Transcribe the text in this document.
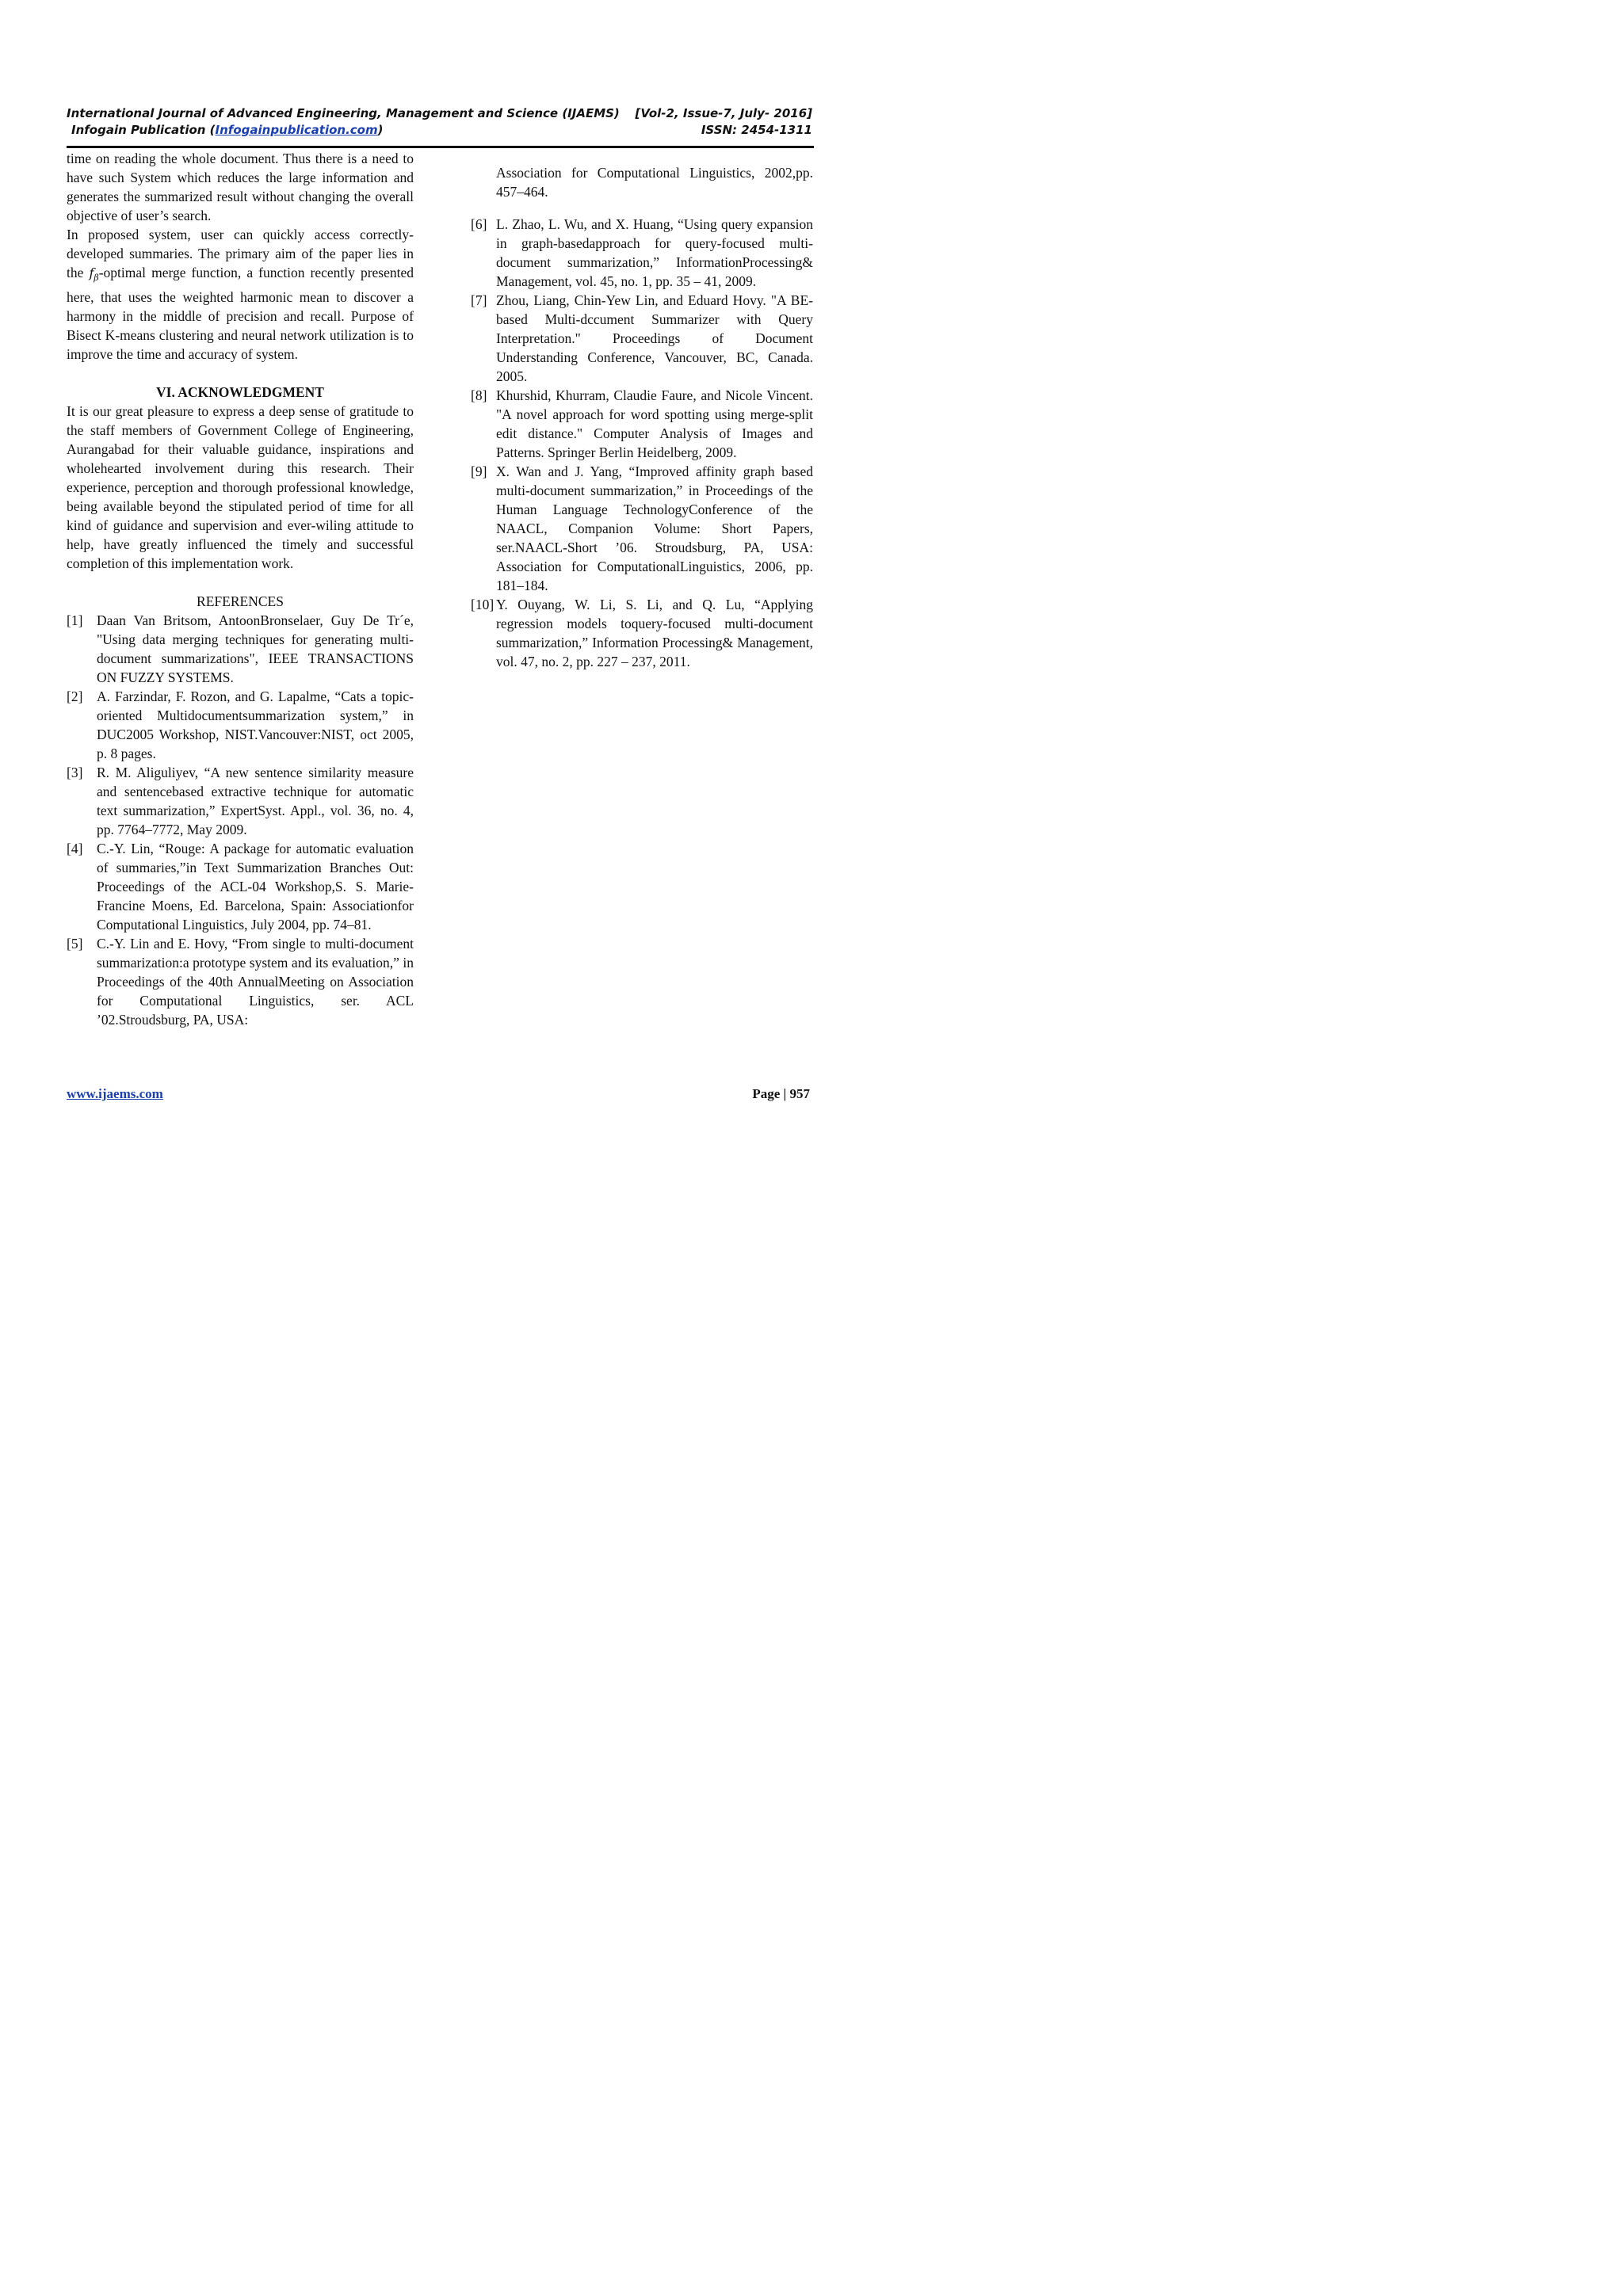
International Journal of Advanced Engineering, Management and Science (IJAEMS) [Vol-2, Issue-7, July- 2016]
Infogain Publication (Infogainpublication.com)	ISSN: 2454-1311

time on reading the whole document. Thus there is a need to have such System which reduces the large information and generates the summarized result without changing the overall objective of user’s search.

In proposed system, user can quickly access correctly-developed summaries. The primary aim of the paper lies in the $f_\beta$-optimal merge function, a function recently presented here, that uses the weighted harmonic mean to discover a harmony in the middle of precision and recall. Purpose of Bisect K-means clustering and neural network utilization is to improve the time and accuracy of system.

VI. ACKNOWLEDGMENT

It is our great pleasure to express a deep sense of gratitude to the staff members of Government College of Engineering, Aurangabad for their valuable guidance, inspirations and wholehearted involvement during this research. Their experience, perception and thorough professional knowledge, being available beyond the stipulated period of time for all kind of guidance and supervision and ever-wiling attitude to help, have greatly influenced the timely and successful completion of this implementation work.

REFERENCES

[1]	Daan Van Britsom, AntoonBronselaer, Guy De Tr´e, "Using data merging techniques for generating multi-document summarizations", IEEE TRANSACTIONS ON FUZZY SYSTEMS.
[2]	A. Farzindar, F. Rozon, and G. Lapalme, “Cats a topic-oriented Multidocumentsummarization system,” in DUC2005 Workshop, NIST.Vancouver:NIST, oct 2005, p. 8 pages.
[3]	R. M. Aliguliyev, “A new sentence similarity measure and sentencebased extractive technique for automatic text summarization,” ExpertSyst. Appl., vol. 36, no. 4, pp. 7764–7772, May 2009.
[4]	C.-Y. Lin, “Rouge: A package for automatic evaluation of summaries,”in Text Summarization Branches Out: Proceedings of the ACL-04 Workshop,S. S. Marie-Francine Moens, Ed. Barcelona, Spain: Associationfor Computational Linguistics, July 2004, pp. 74–81.
[5]	C.-Y. Lin and E. Hovy, “From single to multi-document summarization:a prototype system and its evaluation,” in Proceedings of the 40th AnnualMeeting on Association for Computational Linguistics, ser. ACL ’02.Stroudsburg, PA, USA:

Association for Computational Linguistics, 2002,pp. 457–464.

[6] L. Zhao, L. Wu, and X. Huang, “Using query expansion in graph-basedapproach for query-focused multi-document summarization,” InformationProcessing& Management, vol. 45, no. 1, pp. 35 – 41, 2009.
[7] Zhou, Liang, Chin-Yew Lin, and Eduard Hovy. "A BE-based Multi-dccument Summarizer with Query Interpretation." Proceedings of Document Understanding Conference, Vancouver, BC, Canada. 2005.
[8] Khurshid, Khurram, Claudie Faure, and Nicole Vincent. "A novel approach for word spotting using merge-split edit distance." Computer Analysis of Images and Patterns. Springer Berlin Heidelberg, 2009.
[9] X. Wan and J. Yang, “Improved affinity graph based multi-document summarization,” in Proceedings of the Human Language TechnologyConference of the NAACL, Companion Volume: Short Papers, ser.NAACL-Short ’06. Stroudsburg, PA, USA: Association for ComputationalLinguistics, 2006, pp. 181–184.
[10] Y. Ouyang, W. Li, S. Li, and Q. Lu, “Applying regression models toquery-focused multi-document summarization,” Information Processing& Management, vol. 47, no. 2, pp. 227 – 237, 2011.
www.ijaems.com	Page | 957
